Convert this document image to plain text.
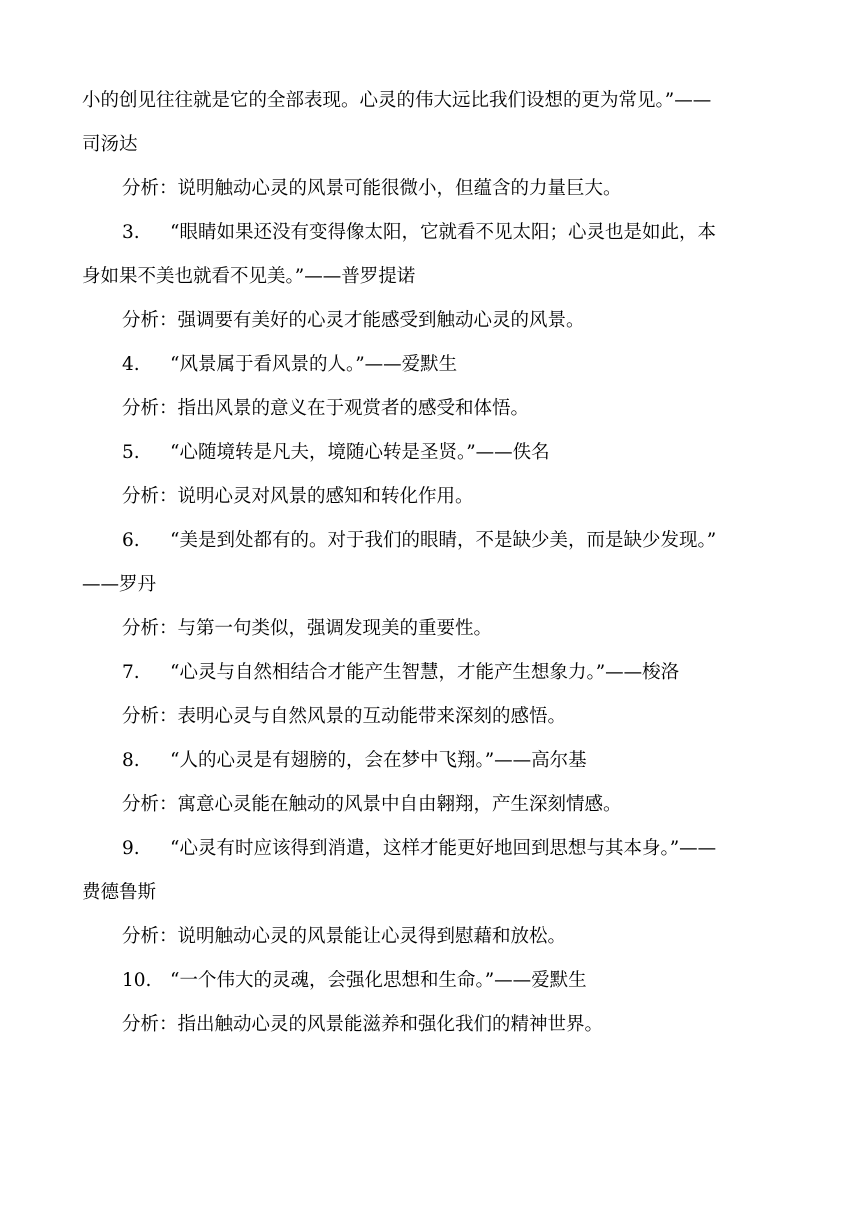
小的创见往往就是它的全部表现。心灵的伟大远比我们设想的更为常见。”——
司汤达
分析：说明触动心灵的风景可能很微小，但蕴含的力量巨大。
3. “眼睛如果还没有变得像太阳，它就看不见太阳；心灵也是如此，本
身如果不美也就看不见美。”——普罗提诺
分析：强调要有美好的心灵才能感受到触动心灵的风景。
4. “风景属于看风景的人。”——爱默生
分析：指出风景的意义在于观赏者的感受和体悟。
5. “心随境转是凡夫，境随心转是圣贤。”——佚名
分析：说明心灵对风景的感知和转化作用。
6. “美是到处都有的。对于我们的眼睛，不是缺少美，而是缺少发现。”
——罗丹
分析：与第一句类似，强调发现美的重要性。
7. “心灵与自然相结合才能产生智慧，才能产生想象力。”——梭洛
分析：表明心灵与自然风景的互动能带来深刻的感悟。
8. “人的心灵是有翅膀的，会在梦中飞翔。”——高尔基
分析：寓意心灵能在触动的风景中自由翱翔，产生深刻情感。
9. “心灵有时应该得到消遣，这样才能更好地回到思想与其本身。”——
费德鲁斯
分析：说明触动心灵的风景能让心灵得到慰藉和放松。
10. “一个伟大的灵魂，会强化思想和生命。”——爱默生
分析：指出触动心灵的风景能滋养和强化我们的精神世界。
